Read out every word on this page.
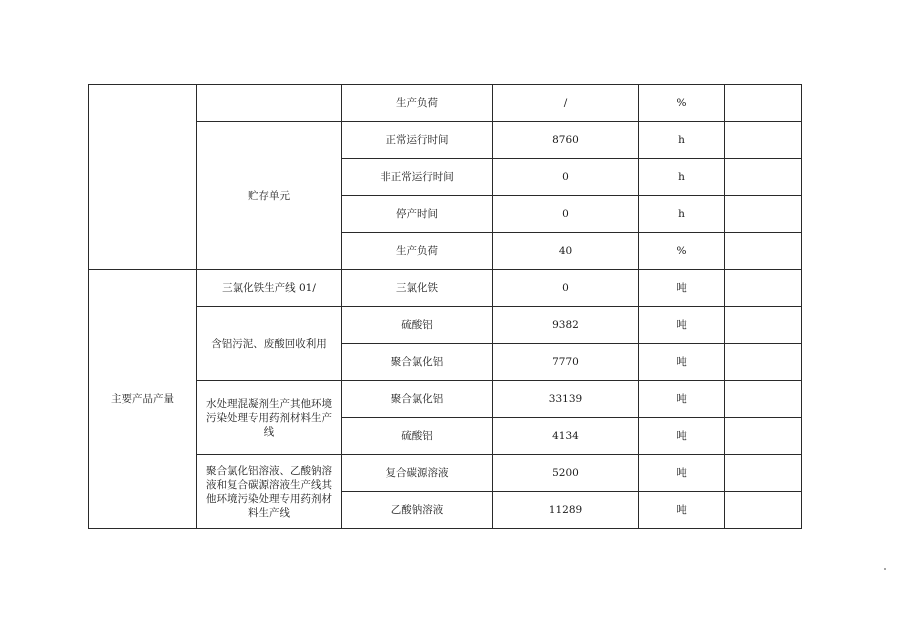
		生产负荷	/	%	
	贮存单元	正常运行时间	8760	h	
		非正常运行时间	0	h	
		停产时间	0	h	
		生产负荷	40	%	
主要产品产量	三氯化铁生产线 01/	三氯化铁	0	吨	
	含铝污泥、废酸回收利用	硫酸铝	9382	吨	
		聚合氯化铝	7770	吨	
	水处理混凝剂生产其他环境污染处理专用药剂材料生产线	聚合氯化铝	33139	吨	
		硫酸铝	4134	吨	
	聚合氯化铝溶液、乙酸钠溶液和复合碳源溶液生产线其他环境污染处理专用药剂材料生产线	复合碳源溶液	5200	吨	
		乙酸钠溶液	11289	吨	
